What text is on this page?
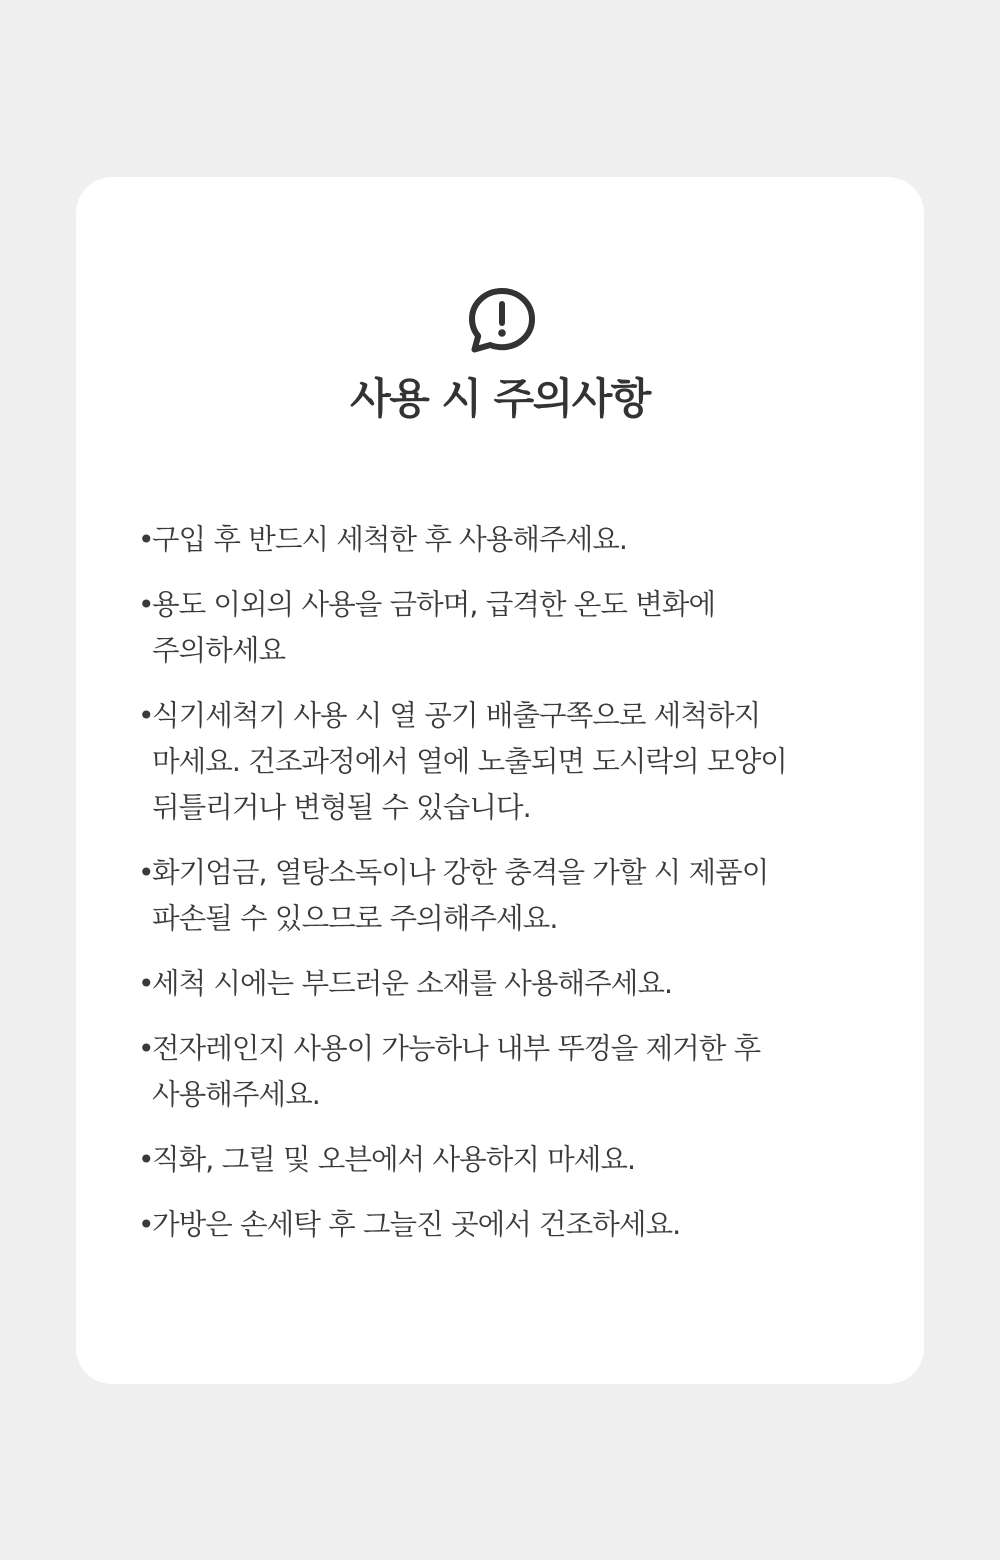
사용 시 주의사항
•
구입 후 반드시 세척한 후 사용해주세요.
•
용도 이외의 사용을 금하며, 급격한 온도 변화에
주의하세요
•
식기세척기 사용 시 열 공기 배출구쪽으로 세척하지
마세요. 건조과정에서 열에 노출되면 도시락의 모양이
뒤틀리거나 변형될 수 있습니다.
•
화기엄금, 열탕소독이나 강한 충격을 가할 시 제품이
파손될 수 있으므로 주의해주세요.
•
세척 시에는 부드러운 소재를 사용해주세요.
•
전자레인지 사용이 가능하나 내부 뚜껑을 제거한 후
사용해주세요.
•
직화, 그릴 및 오븐에서 사용하지 마세요.
•
가방은 손세탁 후 그늘진 곳에서 건조하세요.
